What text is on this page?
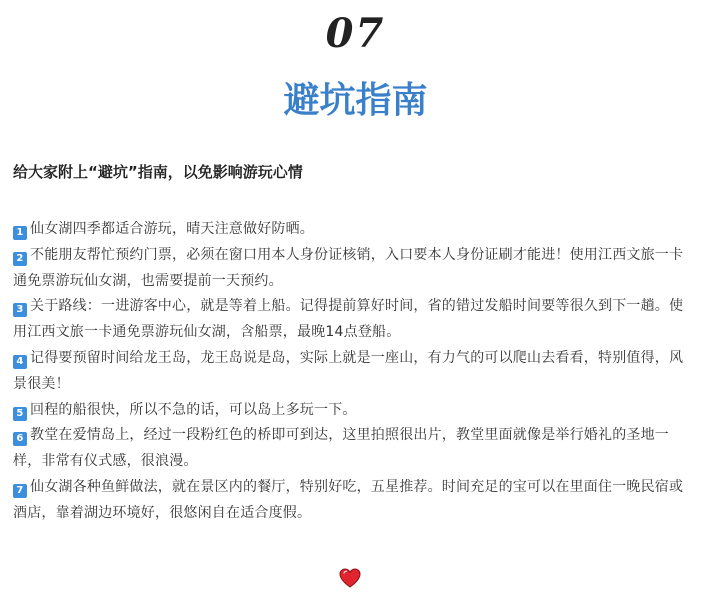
07
避坑指南
给大家附上“避坑”指南，以免影响游玩心情
1 仙女湖四季都适合游玩，晴天注意做好防晒。
2 不能朋友帮忙预约门票，必须在窗口用本人身份证核销，入口要本人身份证刷才能进！使用江西文旅一卡通免票游玩仙女湖，也需要提前一天预约。
3 关于路线：一进游客中心，就是等着上船。记得提前算好时间，省的错过发船时间要等很久到下一趟。使用江西文旅一卡通免票游玩仙女湖，含船票，最晚14点登船。
4 记得要预留时间给龙王岛，龙王岛说是岛，实际上就是一座山，有力气的可以爬山去看看，特别值得，风景很美！
5 回程的船很快，所以不急的话，可以岛上多玩一下。
6 教堂在爱情岛上，经过一段粉红色的桥即可到达，这里拍照很出片，教堂里面就像是举行婚礼的圣地一样，非常有仪式感，很浪漫。
7 仙女湖各种鱼鲜做法，就在景区内的餐厅，特别好吃，五星推荐。时间充足的宝可以在里面住一晚民宿或酒店，靠着湖边环境好，很悠闲自在适合度假。
